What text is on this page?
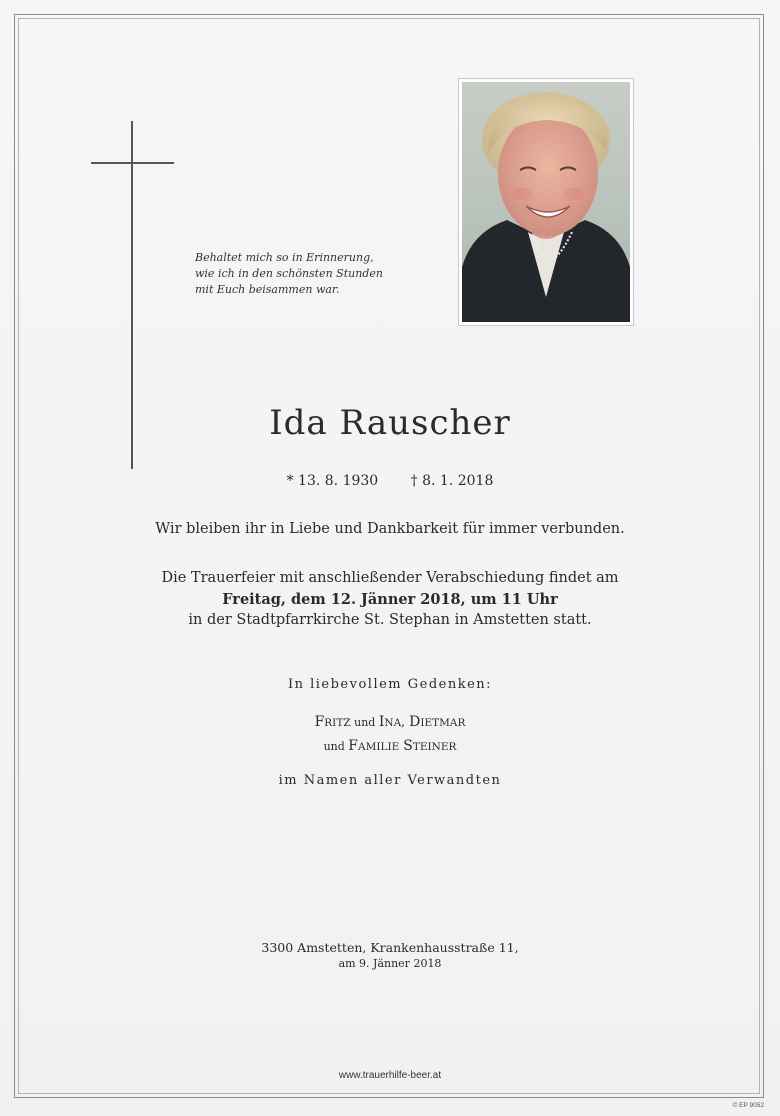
Behaltet mich so in Erinnerung,
wie ich in den schönsten Stunden
mit Euch beisammen war.
Ida Rauscher
* 13. 8. 1930 † 8. 1. 2018
Wir bleiben ihr in Liebe und Dankbarkeit für immer verbunden.
Die Trauerfeier mit anschließender Verabschiedung findet am
Freitag, dem 12. Jänner 2018, um 11 Uhr
in der Stadtpfarrkirche St. Stephan in Amstetten statt.
In liebevollem Gedenken:
FRITZ und INA, DIETMAR
und FAMILIE STEINER
im Namen aller Verwandten
3300 Amstetten, Krankenhausstraße 11,
am 9. Jänner 2018
www.trauerhilfe-beer.at
© EP 9052
